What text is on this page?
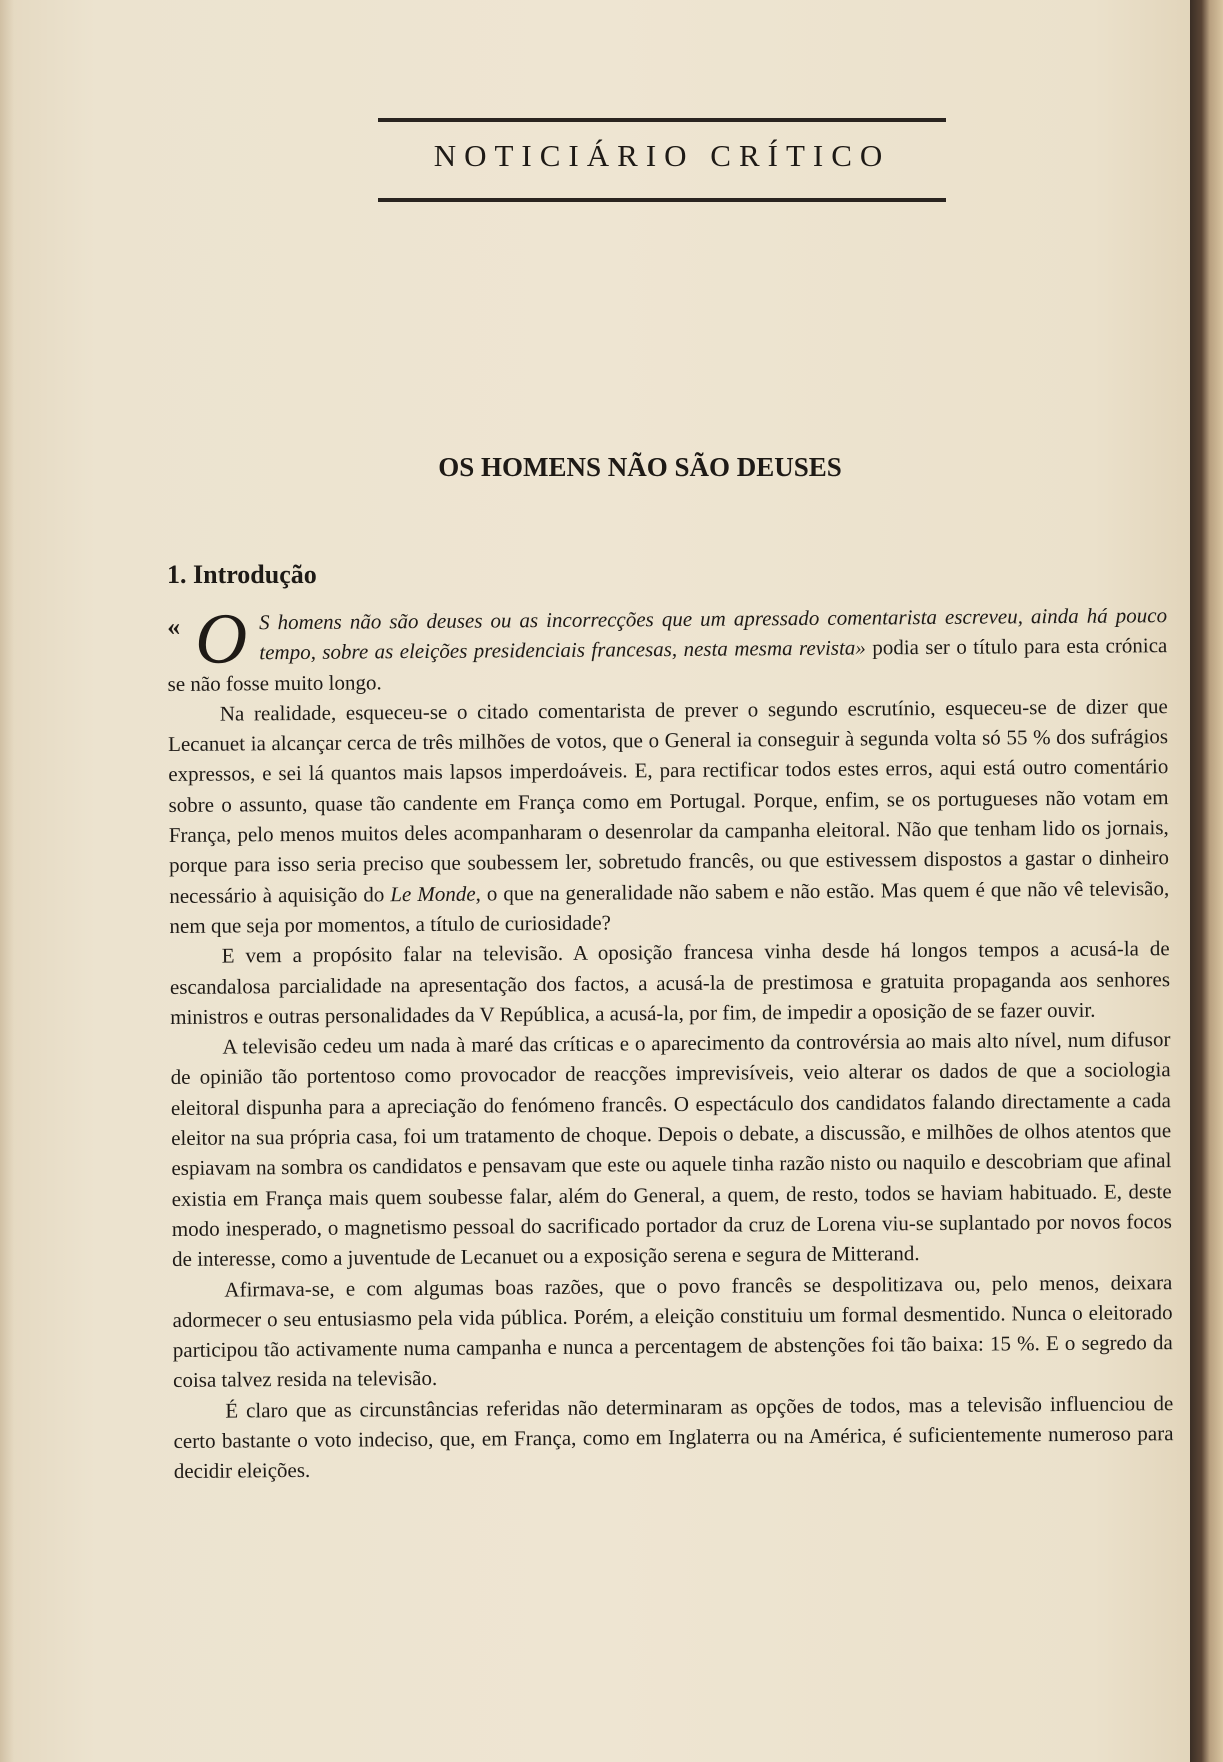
NOTICIÁRIO CRÍTICO
OS HOMENS NÃO SÃO DEUSES
1. Introdução

« O S homens não são deuses ou as incorrecções que um apressado comentarista escreveu, ainda há pouco tempo, sobre as eleições presidenciais francesas, nesta mesma revista» podia ser o título para esta crónica se não fosse muito longo.

Na realidade, esqueceu-se o citado comentarista de prever o segundo escrutínio, esqueceu-se de dizer que Lecanuet ia alcançar cerca de três milhões de votos, que o General ia conseguir à segunda volta só 55 % dos sufrágios expressos, e sei lá quantos mais lapsos imperdoáveis. E, para rectificar todos estes erros, aqui está outro comentário sobre o assunto, quase tão candente em França como em Portugal. Porque, enfim, se os portugueses não votam em França, pelo menos muitos deles acompanharam o desenrolar da campanha eleitoral. Não que tenham lido os jornais, porque para isso seria preciso que soubessem ler, sobretudo francês, ou que estivessem dispostos a gastar o dinheiro necessário à aquisição do Le Monde, o que na generalidade não sabem e não estão. Mas quem é que não vê televisão, nem que seja por momentos, a título de curiosidade?

E vem a propósito falar na televisão. A oposição francesa vinha desde há longos tempos a acusá-la de escandalosa parcialidade na apresentação dos factos, a acusá-la de prestimosa e gratuita propaganda aos senhores ministros e outras personalidades da V República, a acusá-la, por fim, de impedir a oposição de se fazer ouvir.

A televisão cedeu um nada à maré das críticas e o aparecimento da controvérsia ao mais alto nível, num difusor de opinião tão portentoso como provocador de reacções imprevisíveis, veio alterar os dados de que a sociologia eleitoral dispunha para a apreciação do fenómeno francês. O espectáculo dos candidatos falando directamente a cada eleitor na sua própria casa, foi um tratamento de choque. Depois o debate, a discussão, e milhões de olhos atentos que espiavam na sombra os candidatos e pensavam que este ou aquele tinha razão nisto ou naquilo e descobriam que afinal existia em França mais quem soubesse falar, além do General, a quem, de resto, todos se haviam habituado. E, deste modo inesperado, o magnetismo pessoal do sacrificado portador da cruz de Lorena viu-se suplantado por novos focos de interesse, como a juventude de Lecanuet ou a exposição serena e segura de Mitterand.

Afirmava-se, e com algumas boas razões, que o povo francês se despolitizava ou, pelo menos, deixara adormecer o seu entusiasmo pela vida pública. Porém, a eleição constituiu um formal desmentido. Nunca o eleitorado participou tão activamente numa campanha e nunca a percentagem de abstenções foi tão baixa: 15 %. E o segredo da coisa talvez resida na televisão.

É claro que as circunstâncias referidas não determinaram as opções de todos, mas a televisão influenciou de certo bastante o voto indeciso, que, em França, como em Inglaterra ou na América, é suficientemente numeroso para decidir eleições.
